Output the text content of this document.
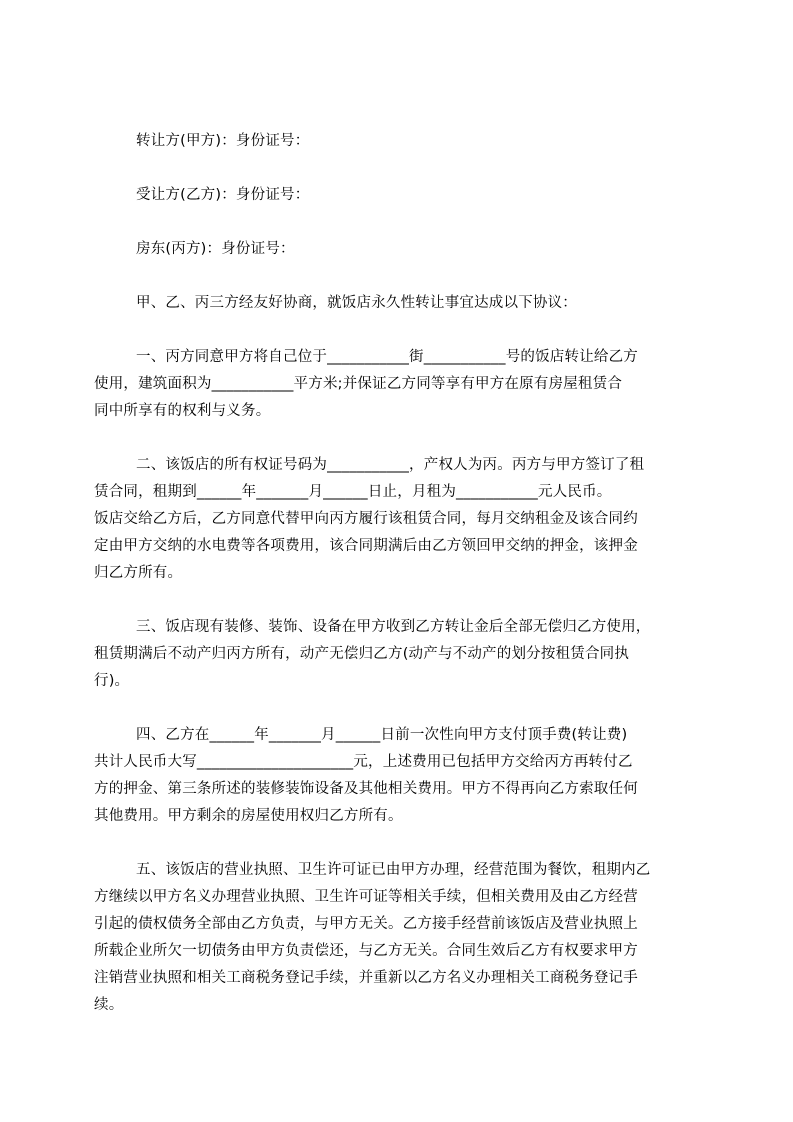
转让方(甲方)：身份证号：
受让方(乙方)：身份证号：
房东(丙方)：身份证号：
甲、乙、丙三方经友好协商，就饭店永久性转让事宜达成以下协议：
一、丙方同意甲方将自己位于___________街___________号的饭店转让给乙方
使用，建筑面积为___________平方米;并保证乙方同等享有甲方在原有房屋租赁合
同中所享有的权利与义务。
二、该饭店的所有权证号码为___________，产权人为丙。丙方与甲方签订了租
赁合同，租期到______年_______月______日止，月租为___________元人民币。
饭店交给乙方后，乙方同意代替甲向丙方履行该租赁合同，每月交纳租金及该合同约
定由甲方交纳的水电费等各项费用，该合同期满后由乙方领回甲交纳的押金，该押金
归乙方所有。
三、饭店现有装修、装饰、设备在甲方收到乙方转让金后全部无偿归乙方使用，
租赁期满后不动产归丙方所有，动产无偿归乙方(动产与不动产的划分按租赁合同执
行)。
四、乙方在______年_______月______日前一次性向甲方支付顶手费(转让费)
共计人民币大写_____________________元，上述费用已包括甲方交给丙方再转付乙
方的押金、第三条所述的装修装饰设备及其他相关费用。甲方不得再向乙方索取任何
其他费用。甲方剩余的房屋使用权归乙方所有。
五、该饭店的营业执照、卫生许可证已由甲方办理，经营范围为餐饮，租期内乙
方继续以甲方名义办理营业执照、卫生许可证等相关手续，但相关费用及由乙方经营
引起的债权债务全部由乙方负责，与甲方无关。乙方接手经营前该饭店及营业执照上
所载企业所欠一切债务由甲方负责偿还，与乙方无关。合同生效后乙方有权要求甲方
注销营业执照和相关工商税务登记手续，并重新以乙方名义办理相关工商税务登记手
续。
